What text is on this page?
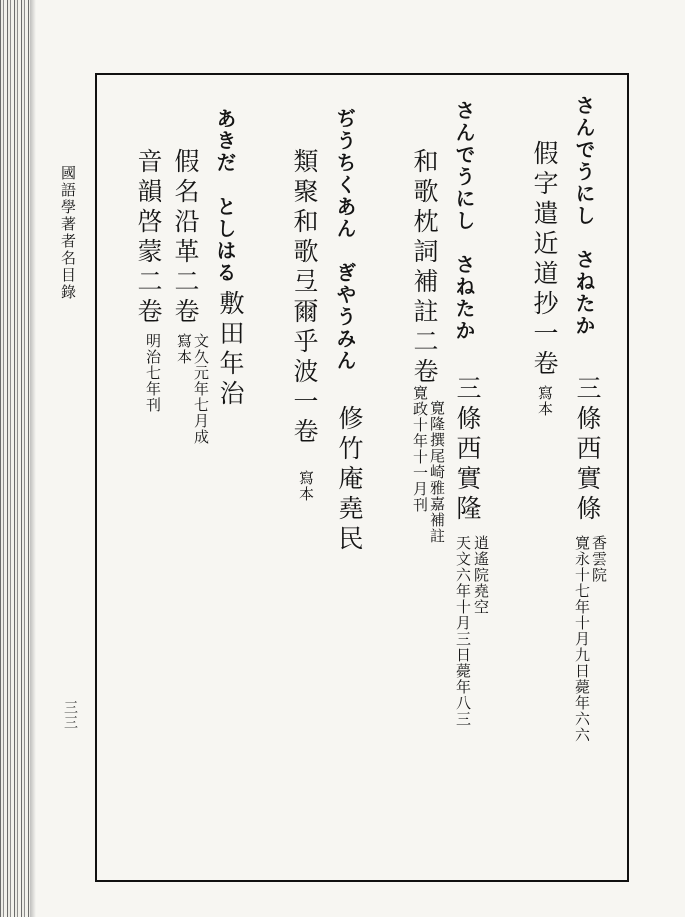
國語學著者名目錄
三三
さんでうにし　さねたか
假字遣近道抄一卷
寫本 三條西實條
香雲院
寛永十七年十月九日薨年六六
さんでうにし　さねたか
和歌枕詞補註二卷
寛隆撰尾崎雅嘉補註
寛政十年十一月刊 三條西實隆
逍遙院堯空
天文六年十月三日薨年八三
ぢうちくあん　ぎやうみん
類聚和歌弖爾乎波一卷
寫本 修竹庵堯民
あきだ　としはる
假名沿革二卷
文久元年七月成
寫本
音韻啓蒙二卷
明治七年刊 敷田年治
